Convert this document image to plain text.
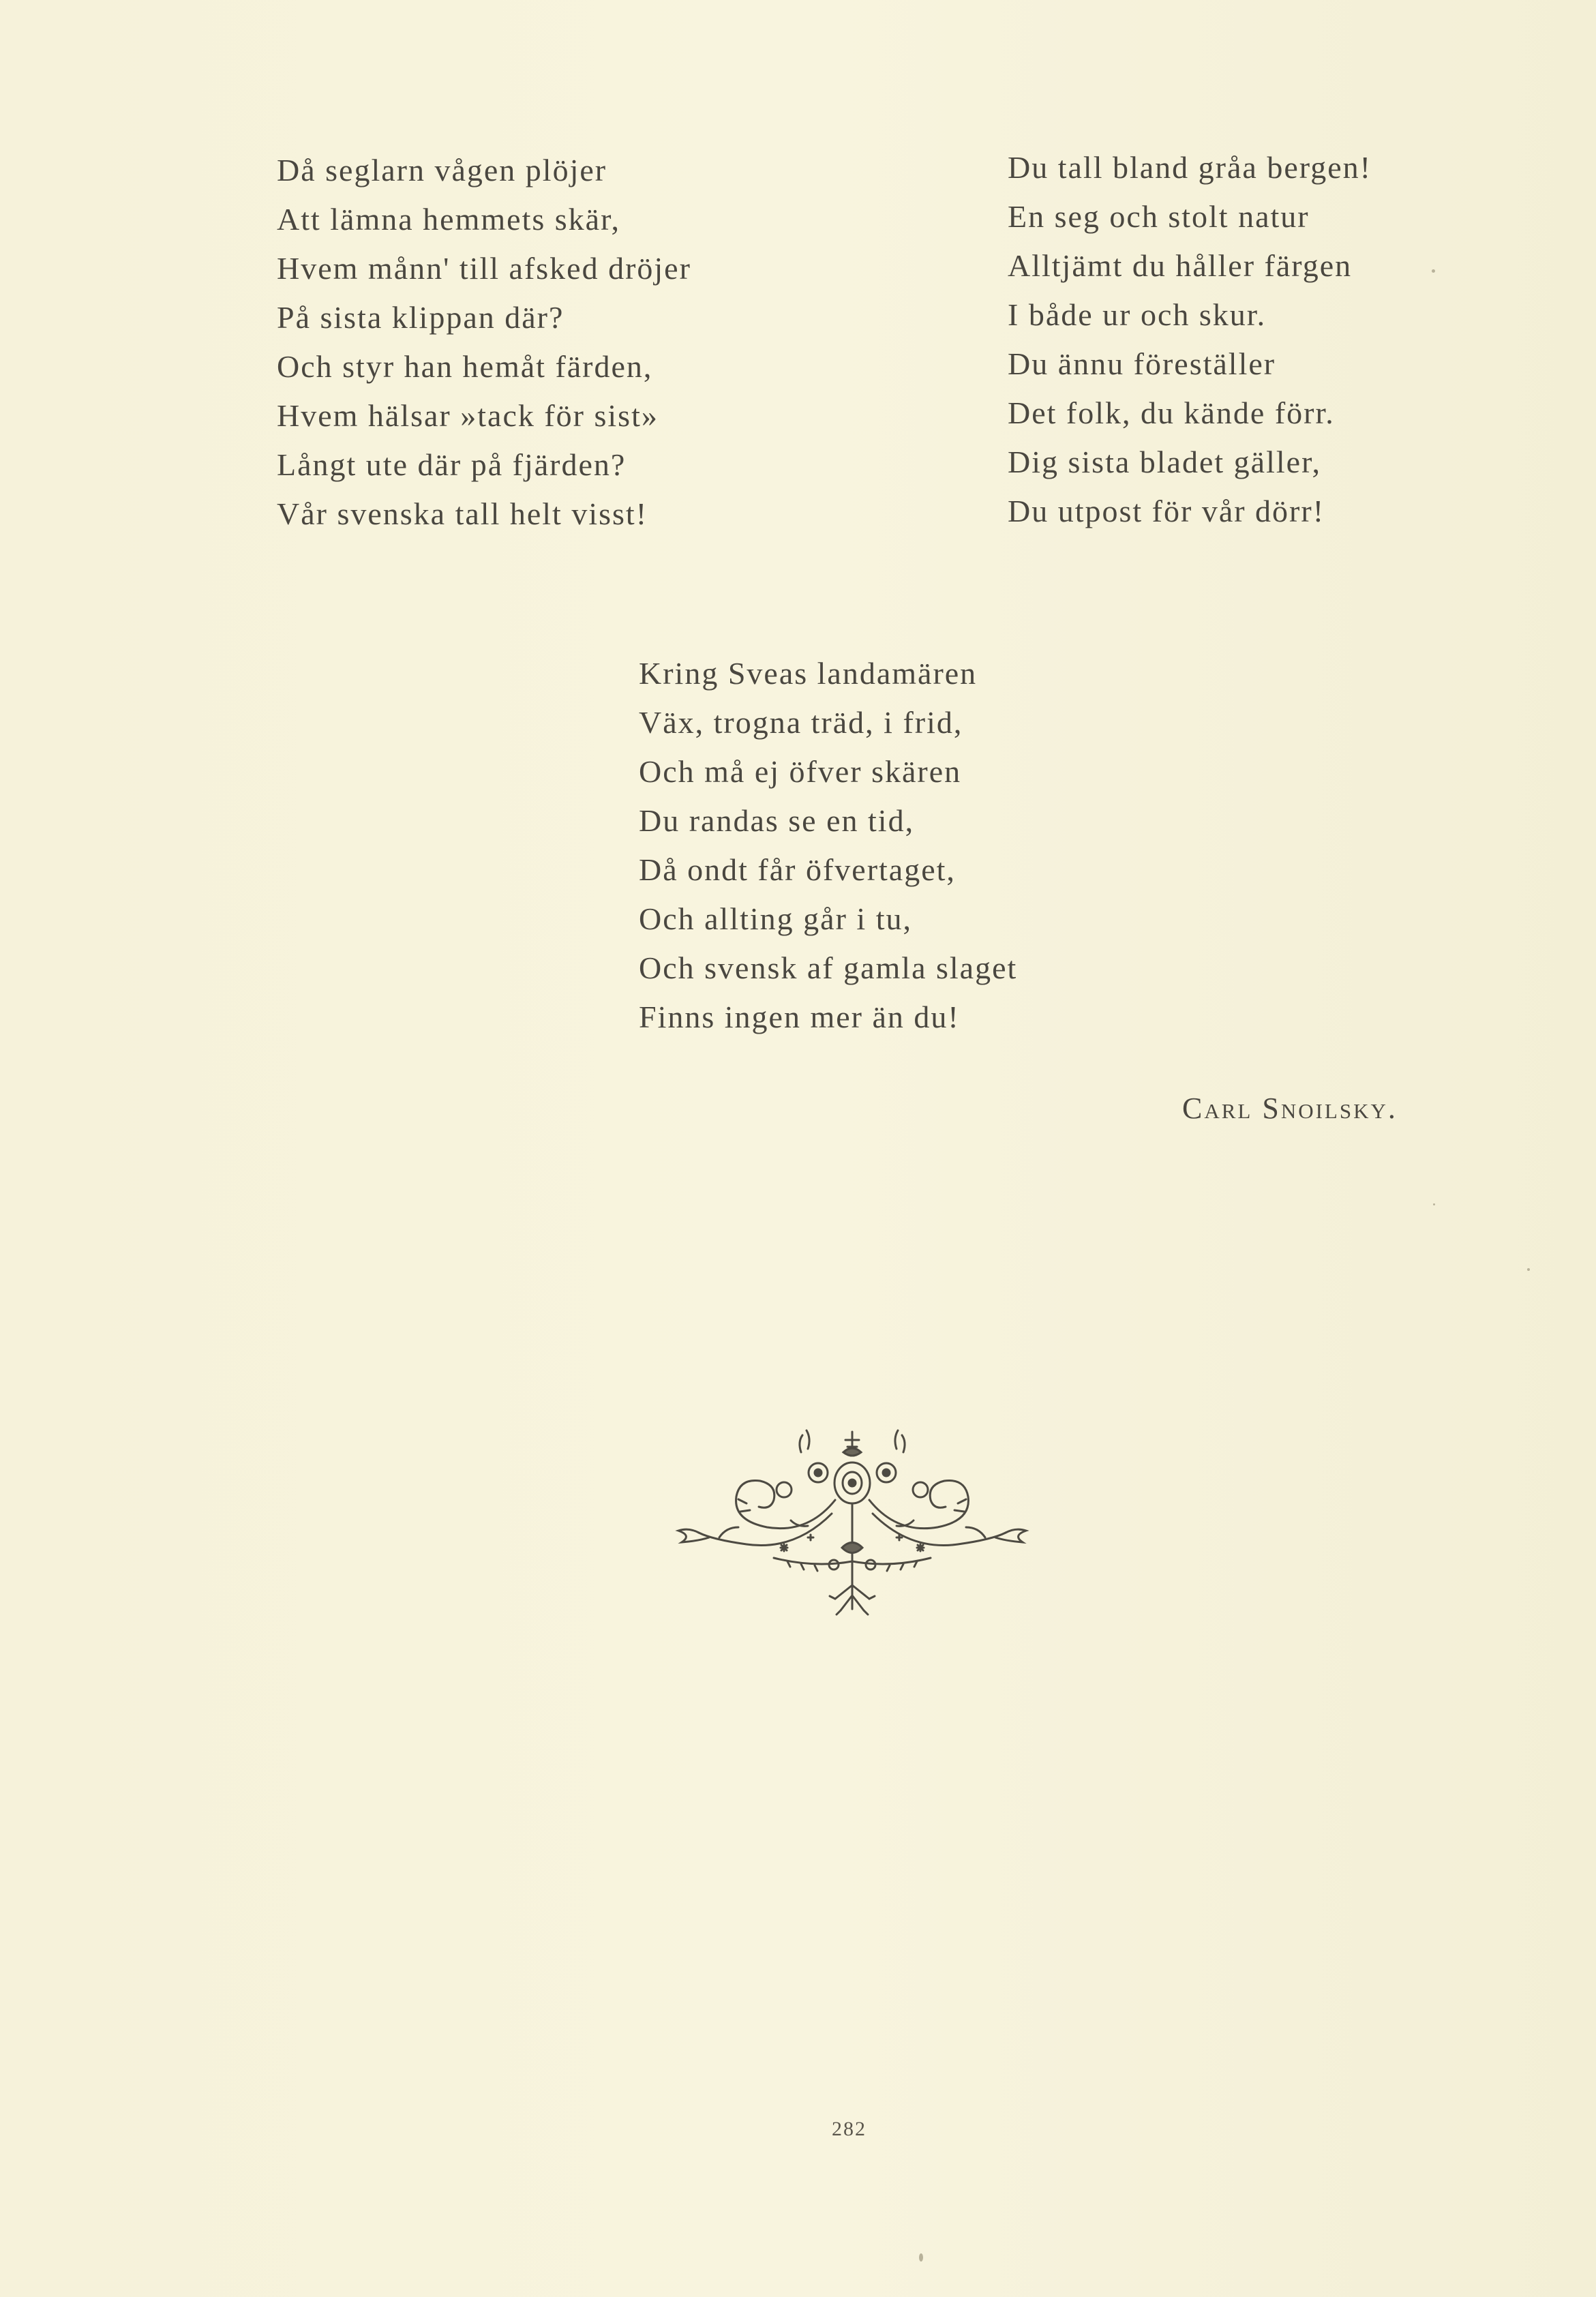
Då seglarn vågen plöjer
Att lämna hemmets skär,
Hvem månn' till afsked dröjer
På sista klippan där?
Och styr han hemåt färden,
Hvem hälsar »tack för sist»
Långt ute där på fjärden?
Vår svenska tall helt visst!
Du tall bland gråa bergen!
En seg och stolt natur
Alltjämt du håller färgen
I både ur och skur.
Du ännu föreställer
Det folk, du kände förr.
Dig sista bladet gäller,
Du utpost för vår dörr!
Kring Sveas landamären
Väx, trogna träd, i frid,
Och må ej öfver skären
Du randas se en tid,
Då ondt får öfvertaget,
Och allting går i tu,
Och svensk af gamla slaget
Finns ingen mer än du!
Carl Snoilsky.
282
